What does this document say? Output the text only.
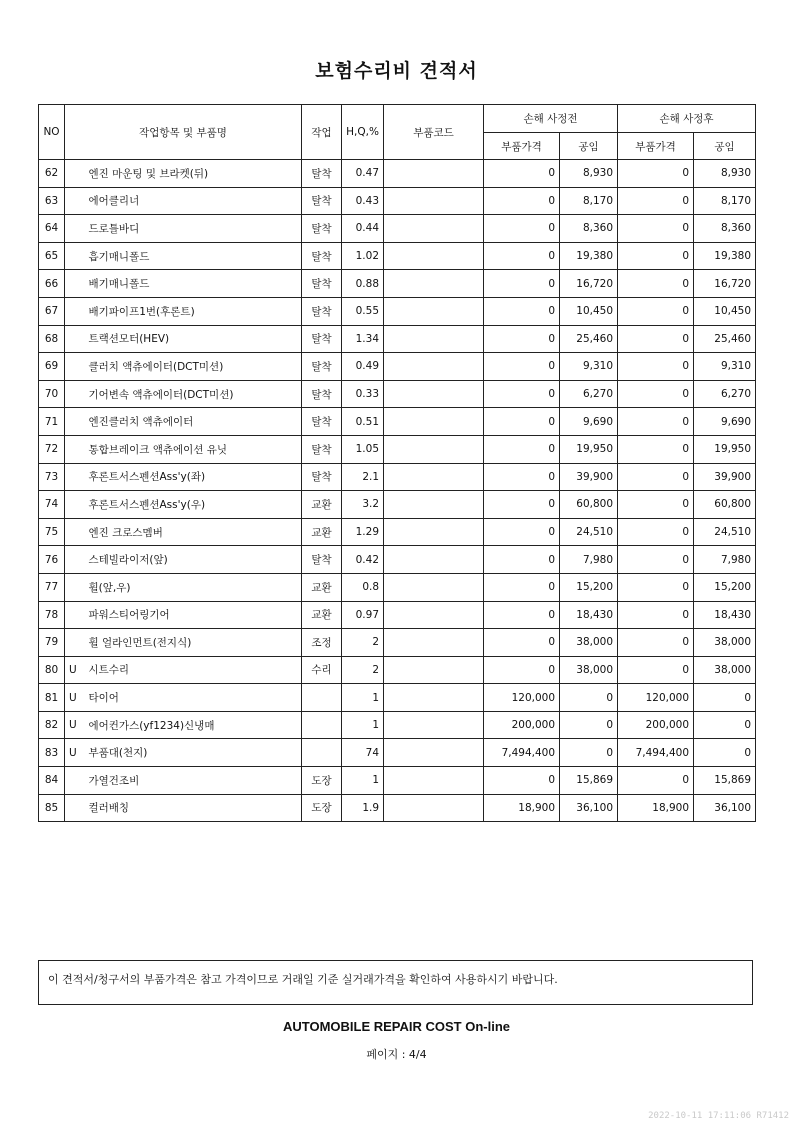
보험수리비 견적서
NO	작업항목 및 부품명		작업	H,Q,%	부품코드	손해 사정전		손해 사정후	
						부품가격	공임	부품가격	공임
62		엔진 마운팅 및 브라켓(뒤)	탈착	0.47		0	8,930	0	8,930
63		에어클리너	탈착	0.43		0	8,170	0	8,170
64		드로틀바디	탈착	0.44		0	8,360	0	8,360
65		흡기매니폴드	탈착	1.02		0	19,380	0	19,380
66		배기매니폴드	탈착	0.88		0	16,720	0	16,720
67		배기파이프1번(후론트)	탈착	0.55		0	10,450	0	10,450
68		트랙션모터(HEV)	탈착	1.34		0	25,460	0	25,460
69		클러치 액츄에이터(DCT미션)	탈착	0.49		0	9,310	0	9,310
70		기어변속 액츄에이터(DCT미션)	탈착	0.33		0	6,270	0	6,270
71		엔진클러치 액츄에이터	탈착	0.51		0	9,690	0	9,690
72		통합브레이크 액츄에이션 유닛	탈착	1.05		0	19,950	0	19,950
73		후론트서스펜션Ass'y(좌)	탈착	2.1		0	39,900	0	39,900
74		후론트서스펜션Ass'y(우)	교환	3.2		0	60,800	0	60,800
75		엔진 크로스멤버	교환	1.29		0	24,510	0	24,510
76		스테빌라이저(앞)	탈착	0.42		0	7,980	0	7,980
77		휠(앞,우)	교환	0.8		0	15,200	0	15,200
78		파워스티어링기어	교환	0.97		0	18,430	0	18,430
79		휠 얼라인먼트(전지식)	조정	2		0	38,000	0	38,000
80	U	시트수리	수리	2		0	38,000	0	38,000
81	U	타이어		1		120,000	0	120,000	0
82	U	에어컨가스(yf1234)신냉매		1		200,000	0	200,000	0
83	U	부품대(천지)		74		7,494,400	0	7,494,400	0
84		가열건조비	도장	1		0	15,869	0	15,869
85		컬러배칭	도장	1.9		18,900	36,100	18,900	36,100
이 견적서/청구서의 부품가격은 참고 가격이므로 거래일 기준 실거래가격을 확인하여 사용하시기 바랍니다.
AUTOMOBILE REPAIR COST On-line
페이지 : 4/4
2022-10-11 17:11:06 R71412
